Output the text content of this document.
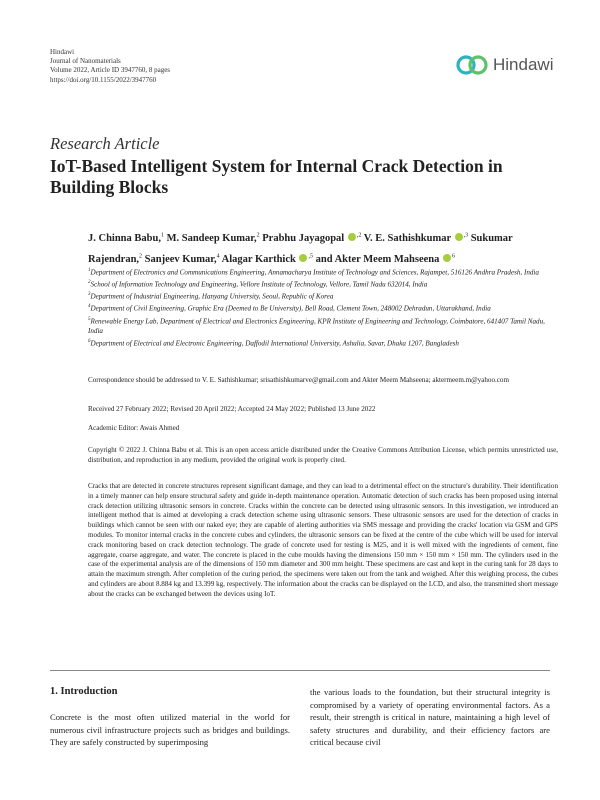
Hindawi
Journal of Nanomaterials
Volume 2022, Article ID 3947760, 8 pages
https://doi.org/10.1155/2022/3947760
Hindawi
Research Article
IoT-Based Intelligent System for Internal Crack Detection in Building Blocks
J. Chinna Babu,$^1$ M. Sandeep Kumar,$^2$ Prabhu Jayagopal $^{,2}$ V. E. Sathishkumar $^{,3}$ Sukumar Rajendran,$^2$ Sanjeev Kumar,$^4$ Alagar Karthick $^{,5}$ and Akter Meem Mahseena $^6$

$^1$Department of Electronics and Communications Engineering, Annamacharya Institute of Technology and Sciences, Rajampet, 516126 Andhra Pradesh, India

$^2$School of Information Technology and Engineering, Vellore Institute of Technology, Vellore, Tamil Nadu 632014, India

$^3$Department of Industrial Engineering, Hanyang University, Seoul, Republic of Korea

$^4$Department of Civil Engineering, Graphic Era (Deemed to Be University), Bell Road, Clement Town, 248002 Dehradun, Uttarakhand, India

$^5$Renewable Energy Lab, Department of Electrical and Electronics Engineering, KPR Institute of Engineering and Technology, Coimbatore, 641407 Tamil Nadu, India

$^6$Department of Electrical and Electronic Engineering, Daffodil International University, Ashulia, Savar, Dhaka 1207, Bangladesh

Correspondence should be addressed to V. E. Sathishkumar; srisathishkumarve@gmail.com and Akter Meem Mahseena; aktermeem.m@yahoo.com
Received 27 February 2022; Revised 20 April 2022; Accepted 24 May 2022; Published 13 June 2022
Academic Editor: Awais Ahmed
Copyright © 2022 J. Chinna Babu et al. This is an open access article distributed under the Creative Commons Attribution License, which permits unrestricted use, distribution, and reproduction in any medium, provided the original work is properly cited.
Cracks that are detected in concrete structures represent significant damage, and they can lead to a detrimental effect on the structure's durability. Their identification in a timely manner can help ensure structural safety and guide in-depth maintenance operation. Automatic detection of such cracks has been proposed using internal crack detection utilizing ultrasonic sensors in concrete. Cracks within the concrete can be detected using ultrasonic sensors. In this investigation, we introduced an intelligent method that is aimed at developing a crack detection scheme using ultrasonic sensors. These ultrasonic sensors are used for the detection of cracks in buildings which cannot be seen with our naked eye; they are capable of alerting authorities via SMS message and providing the cracks' location via GSM and GPS modules. To monitor internal cracks in the concrete cubes and cylinders, the ultrasonic sensors can be fixed at the centre of the cube which will be used for interval crack monitoring based on crack detection technology. The grade of concrete used for testing is M25, and it is well mixed with the ingredients of cement, fine aggregate, coarse aggregate, and water. The concrete is placed in the cube moulds having the dimensions 150 mm × 150 mm × 150 mm. The cylinders used in the case of the experimental analysis are of the dimensions of 150 mm diameter and 300 mm height. These specimens are cast and kept in the curing tank for 28 days to attain the maximum strength. After completion of the curing period, the specimens were taken out from the tank and weighed. After this weighing process, the cubes and cylinders are about 8.884 kg and 13.399 kg, respectively. The information about the cracks can be displayed on the LCD, and also, the transmitted short message about the cracks can be exchanged between the devices using IoT.
1. Introduction
Concrete is the most often utilized material in the world for numerous civil infrastructure projects such as bridges and buildings. They are safely constructed by superimposing
the various loads to the foundation, but their structural integrity is compromised by a variety of operating environmental factors. As a result, their strength is critical in nature, maintaining a high level of safety structures and durability, and their efficiency factors are critical because civil
